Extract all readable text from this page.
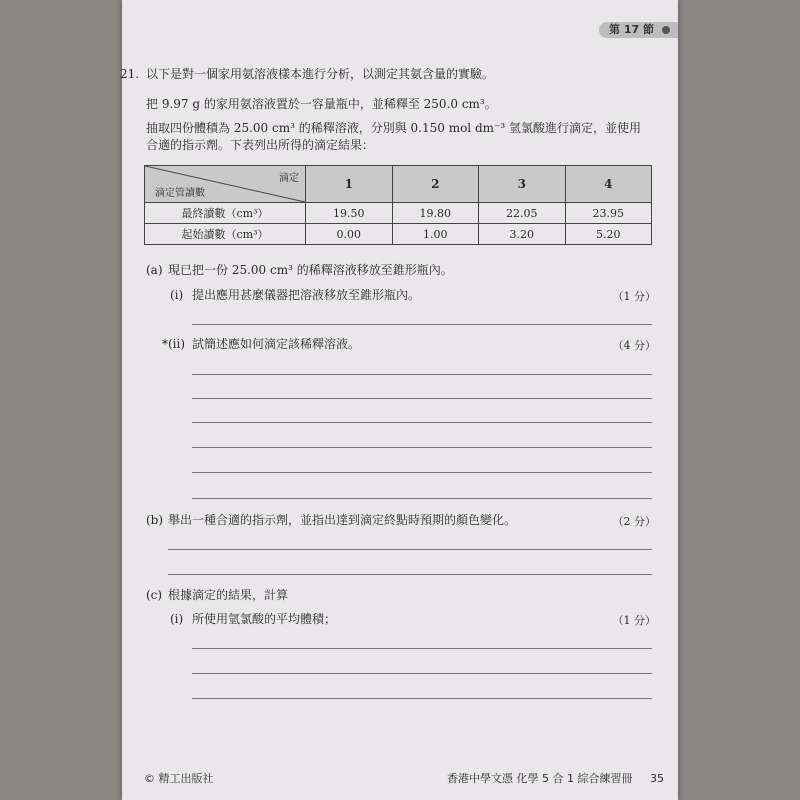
第 17 節
21. 以下是對一個家用氨溶液樣本進行分析，以測定其氨含量的實驗。
把 9.97 g 的家用氨溶液置於一容量瓶中，並稀釋至 250.0 cm³。
抽取四份體積為 25.00 cm³ 的稀釋溶液，分別與 0.150 mol dm⁻³ 氫氯酸進行滴定，並使用
合適的指示劑。下表列出所得的滴定結果：
滴定
滴定管讀數	1	2	3	4
最終讀數（cm³）	19.50	19.80	22.05	23.95
起始讀數（cm³）	0.00	1.00	3.20	5.20
(a) 現已把一份 25.00 cm³ 的稀釋溶液移放至錐形瓶內。
(i) 提出應用甚麼儀器把溶液移放至錐形瓶內。	（1 分）
*(ii) 試簡述應如何滴定該稀釋溶液。	（4 分）
(b) 舉出一種合適的指示劑，並指出達到滴定終點時預期的顏色變化。	（2 分）
(c) 根據滴定的結果，計算
(i) 所使用氫氯酸的平均體積；	（1 分）
© 精工出版社	香港中學文憑 化學 5 合 1 綜合練習冊 35
